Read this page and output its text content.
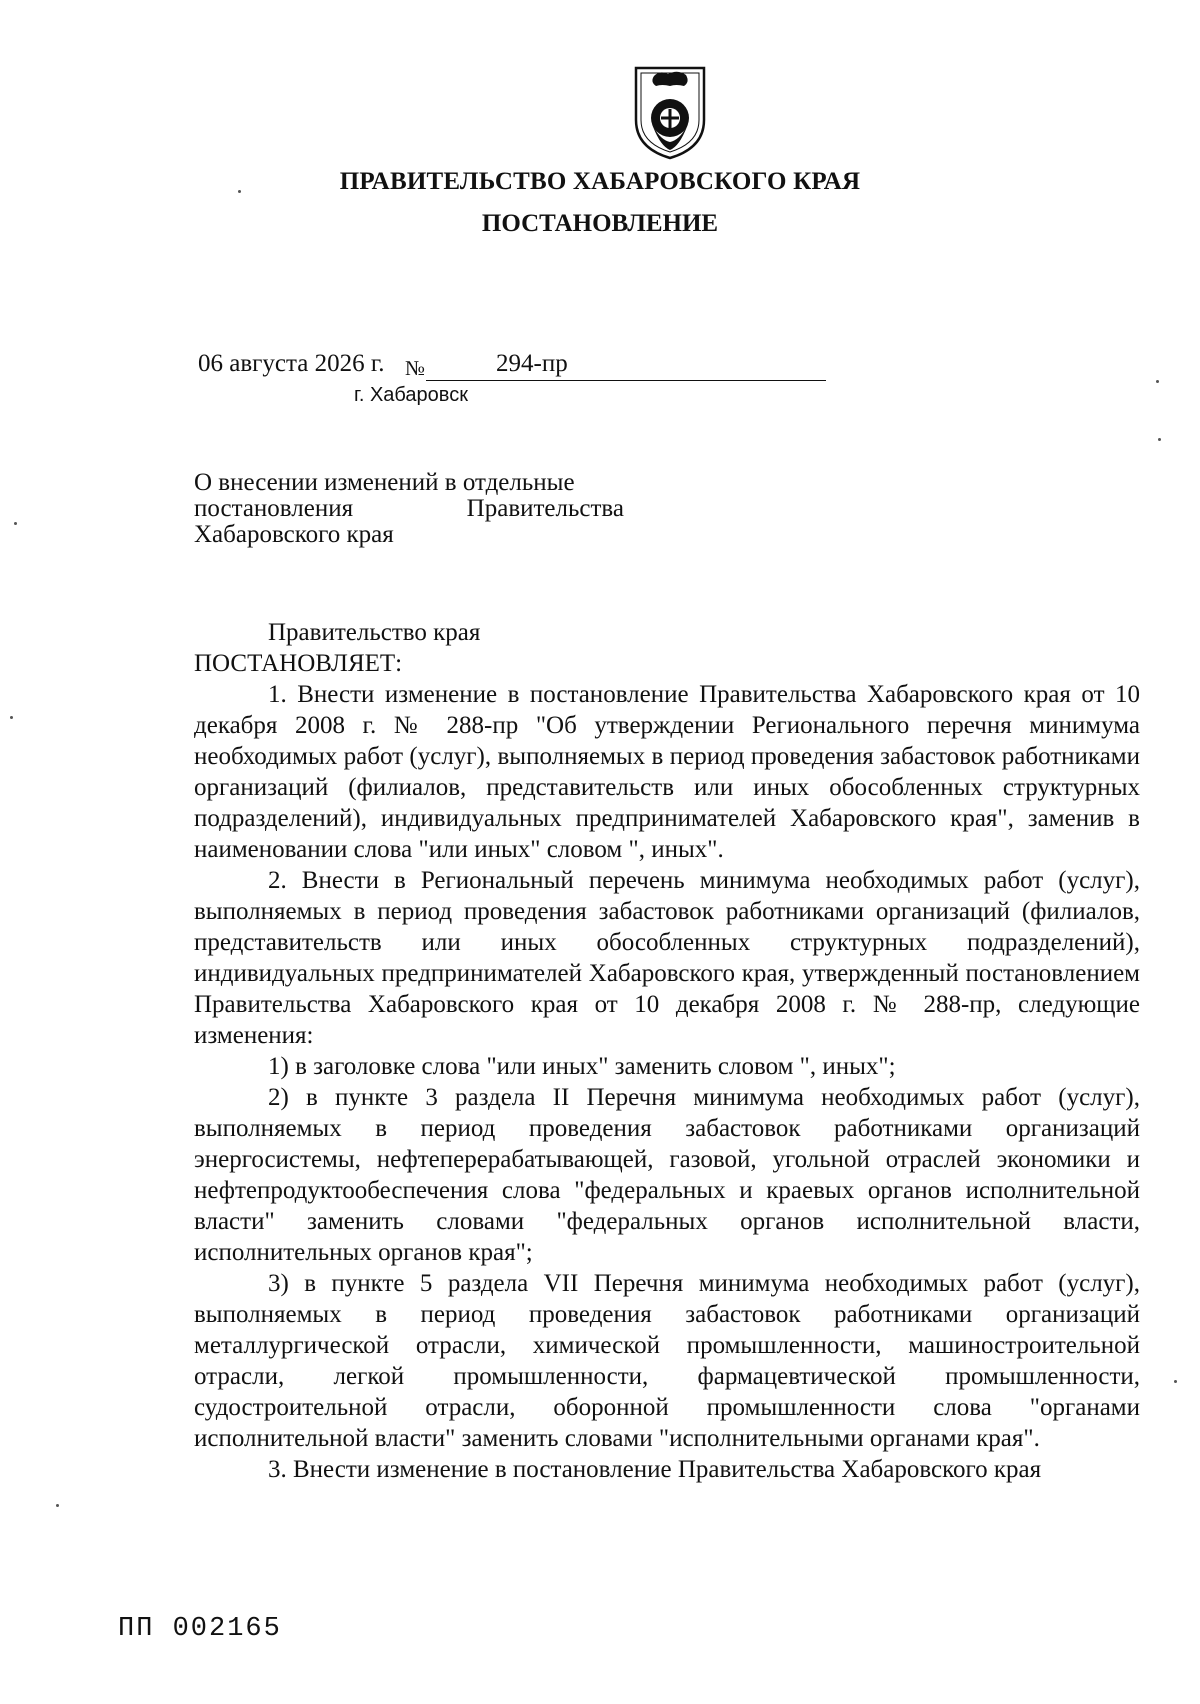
ПРАВИТЕЛЬСТВО ХАБАРОВСКОГО КРАЯ
ПОСТАНОВЛЕНИЕ
06 августа 2026 г. №	294-пр
г. Хабаровск
О внесении изменений в отдельные
постановления Правительства
Хабаровского края

Правительство края

ПОСТАНОВЛЯЕТ:

1. Внести изменение в постановление Правительства Хабаровского края от 10 декабря 2008 г. № 288-пр "Об утверждении Регионального перечня минимума необходимых работ (услуг), выполняемых в период проведения забастовок работниками организаций (филиалов, представительств или иных обособленных структурных подразделений), индивидуальных предпринимателей Хабаровского края", заменив в наименовании слова "или иных" словом ", иных".

2. Внести в Региональный перечень минимума необходимых работ (услуг), выполняемых в период проведения забастовок работниками организаций (филиалов, представительств или иных обособленных структурных подразделений), индивидуальных предпринимателей Хабаровского края, утвержденный постановлением Правительства Хабаровского края от 10 декабря 2008 г. № 288-пр, следующие изменения:

1) в заголовке слова "или иных" заменить словом ", иных";

2) в пункте 3 раздела II Перечня минимума необходимых работ (услуг), выполняемых в период проведения забастовок работниками организаций энергосистемы, нефтеперерабатывающей, газовой, угольной отраслей экономики и нефтепродуктообеспечения слова "федеральных и краевых органов исполнительной власти" заменить словами "федеральных органов исполнительной власти, исполнительных органов края";

3) в пункте 5 раздела VII Перечня минимума необходимых работ (услуг), выполняемых в период проведения забастовок работниками организаций металлургической отрасли, химической промышленности, машиностроительной отрасли, легкой промышленности, фармацевтической промышленности, судостроительной отрасли, оборонной промышленности слова "органами исполнительной власти" заменить словами "исполнительными органами края".

3. Внести изменение в постановление Правительства Хабаровского края

ПП 002165
